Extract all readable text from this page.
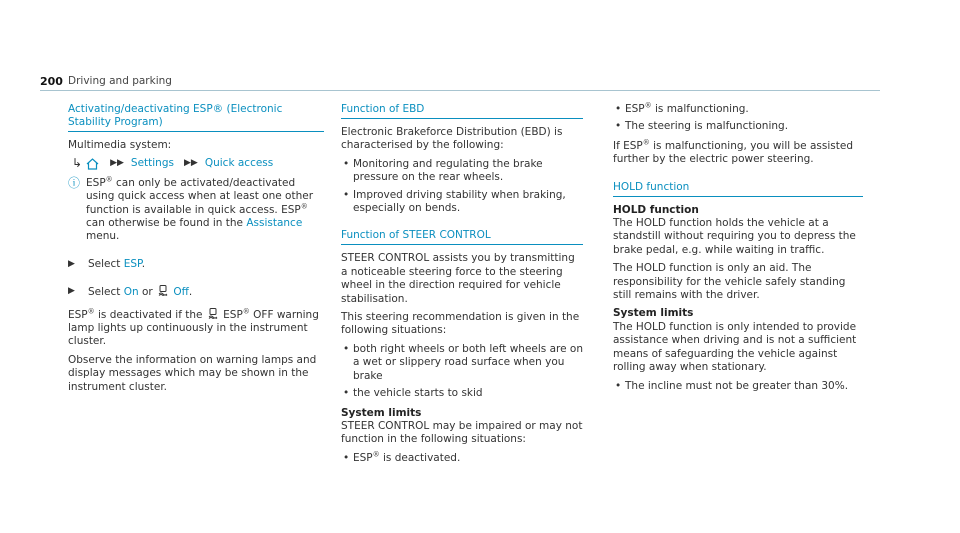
200 Driving and parking
Activating/deactivating ESP® (Electronic Stability Program)

Multimedia system:

↳	▶▶ Settings ▶▶ Quick access
ⓘ ESP® can only be activated/deactivated using quick access when at least one other function is available in quick access. ESP® can otherwise be found in the Assistance menu.
▶	Select ESP.
▶	Select On or  Off.

ESP® is deactivated if the  ESP® OFF warning lamp lights up continuously in the instrument cluster.

Observe the information on warning lamps and display messages which may be shown in the instrument cluster.

Function of EBD

Electronic Brakeforce Distribution (EBD) is characterised by the following:

• Monitoring and regulating the brake pressure on the rear wheels.
• Improved driving stability when braking, especially on bends.
Function of STEER CONTROL

STEER CONTROL assists you by transmitting a noticeable steering force to the steering wheel in the direction required for vehicle stabilisation.

This steering recommendation is given in the following situations:

• both right wheels or both left wheels are on a wet or slippery road surface when you brake
• the vehicle starts to skid

System limits

STEER CONTROL may be impaired or may not function in the following situations:

• ESP® is deactivated.
• ESP® is malfunctioning.
• The steering is malfunctioning.

If ESP® is malfunctioning, you will be assisted further by the electric power steering.

HOLD function

HOLD function

The HOLD function holds the vehicle at a standstill without requiring you to depress the brake pedal, e.g. while waiting in traffic.

The HOLD function is only an aid. The responsibility for the vehicle safely standing still remains with the driver.

System limits

The HOLD function is only intended to provide assistance when driving and is not a sufficient means of safeguarding the vehicle against rolling away when stationary.

• The incline must not be greater than 30%.
